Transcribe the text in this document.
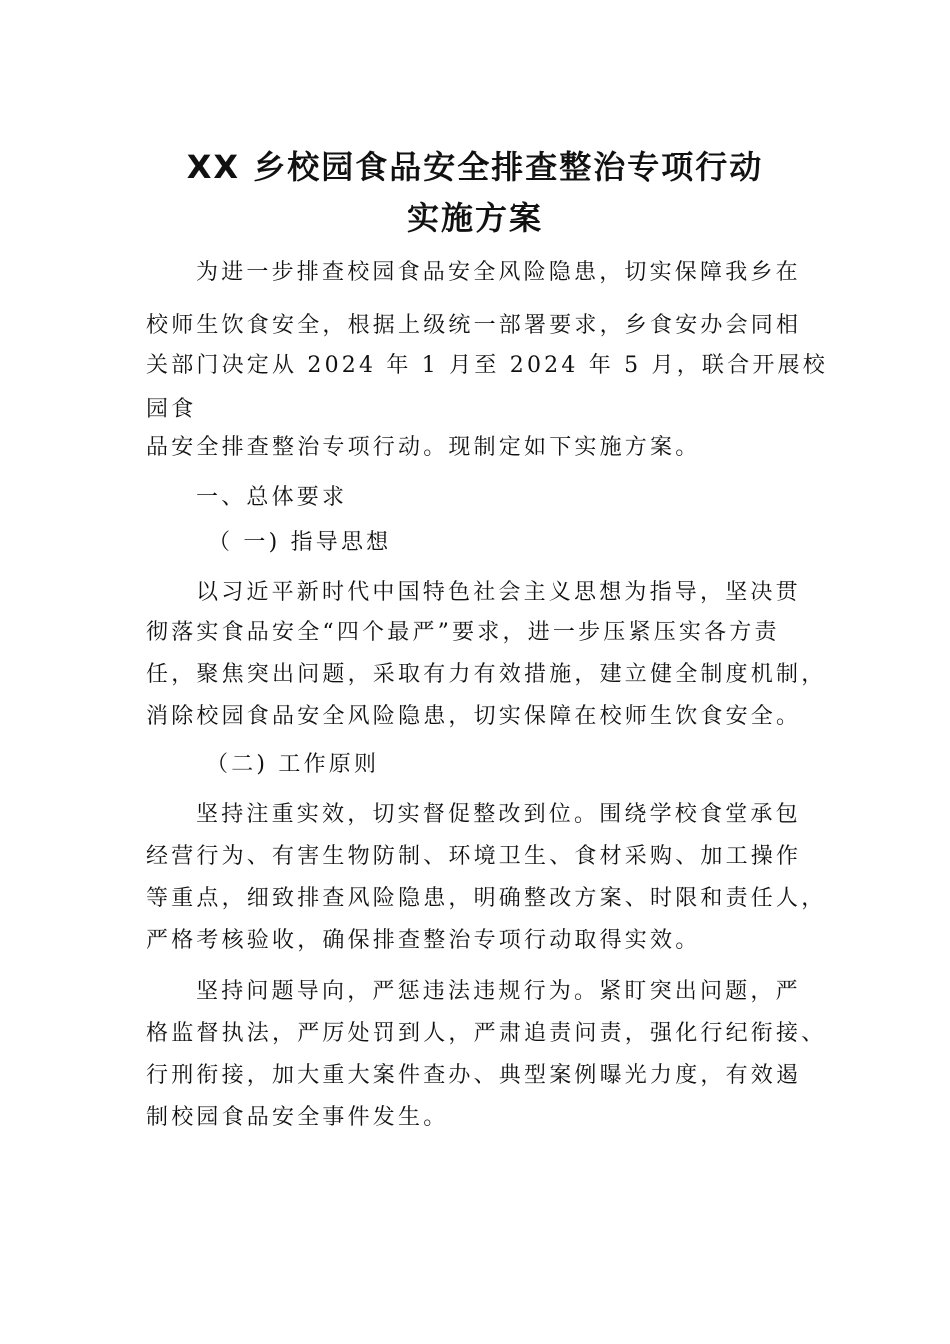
XX 乡校园食品安全排查整治专项行动
实施方案

为进一步排查校园食品安全风险隐患，切实保障我乡在

校师生饮食安全，根据上级统一部署要求，乡食安办会同相

关部门决定从 2024 年 1 月至 2024 年 5 月，联合开展校

园食

品安全排查整治专项行动。现制定如下实施方案。

一、总体要求

（ 一) 指导思想

以习近平新时代中国特色社会主义思想为指导，坚决贯

彻落实食品安全“四个最严”要求，进一步压紧压实各方责

任，聚焦突出问题，采取有力有效措施，建立健全制度机制，

消除校园食品安全风险隐患，切实保障在校师生饮食安全。

（二) 工作原则

坚持注重实效，切实督促整改到位。围绕学校食堂承包

经营行为、有害生物防制、环境卫生、食材采购、加工操作

等重点，细致排查风险隐患，明确整改方案、时限和责任人，

严格考核验收，确保排查整治专项行动取得实效。

坚持问题导向，严惩违法违规行为。紧盯突出问题，严

格监督执法，严厉处罚到人，严肃追责问责，强化行纪衔接、

行刑衔接，加大重大案件查办、典型案例曝光力度，有效遏

制校园食品安全事件发生。
